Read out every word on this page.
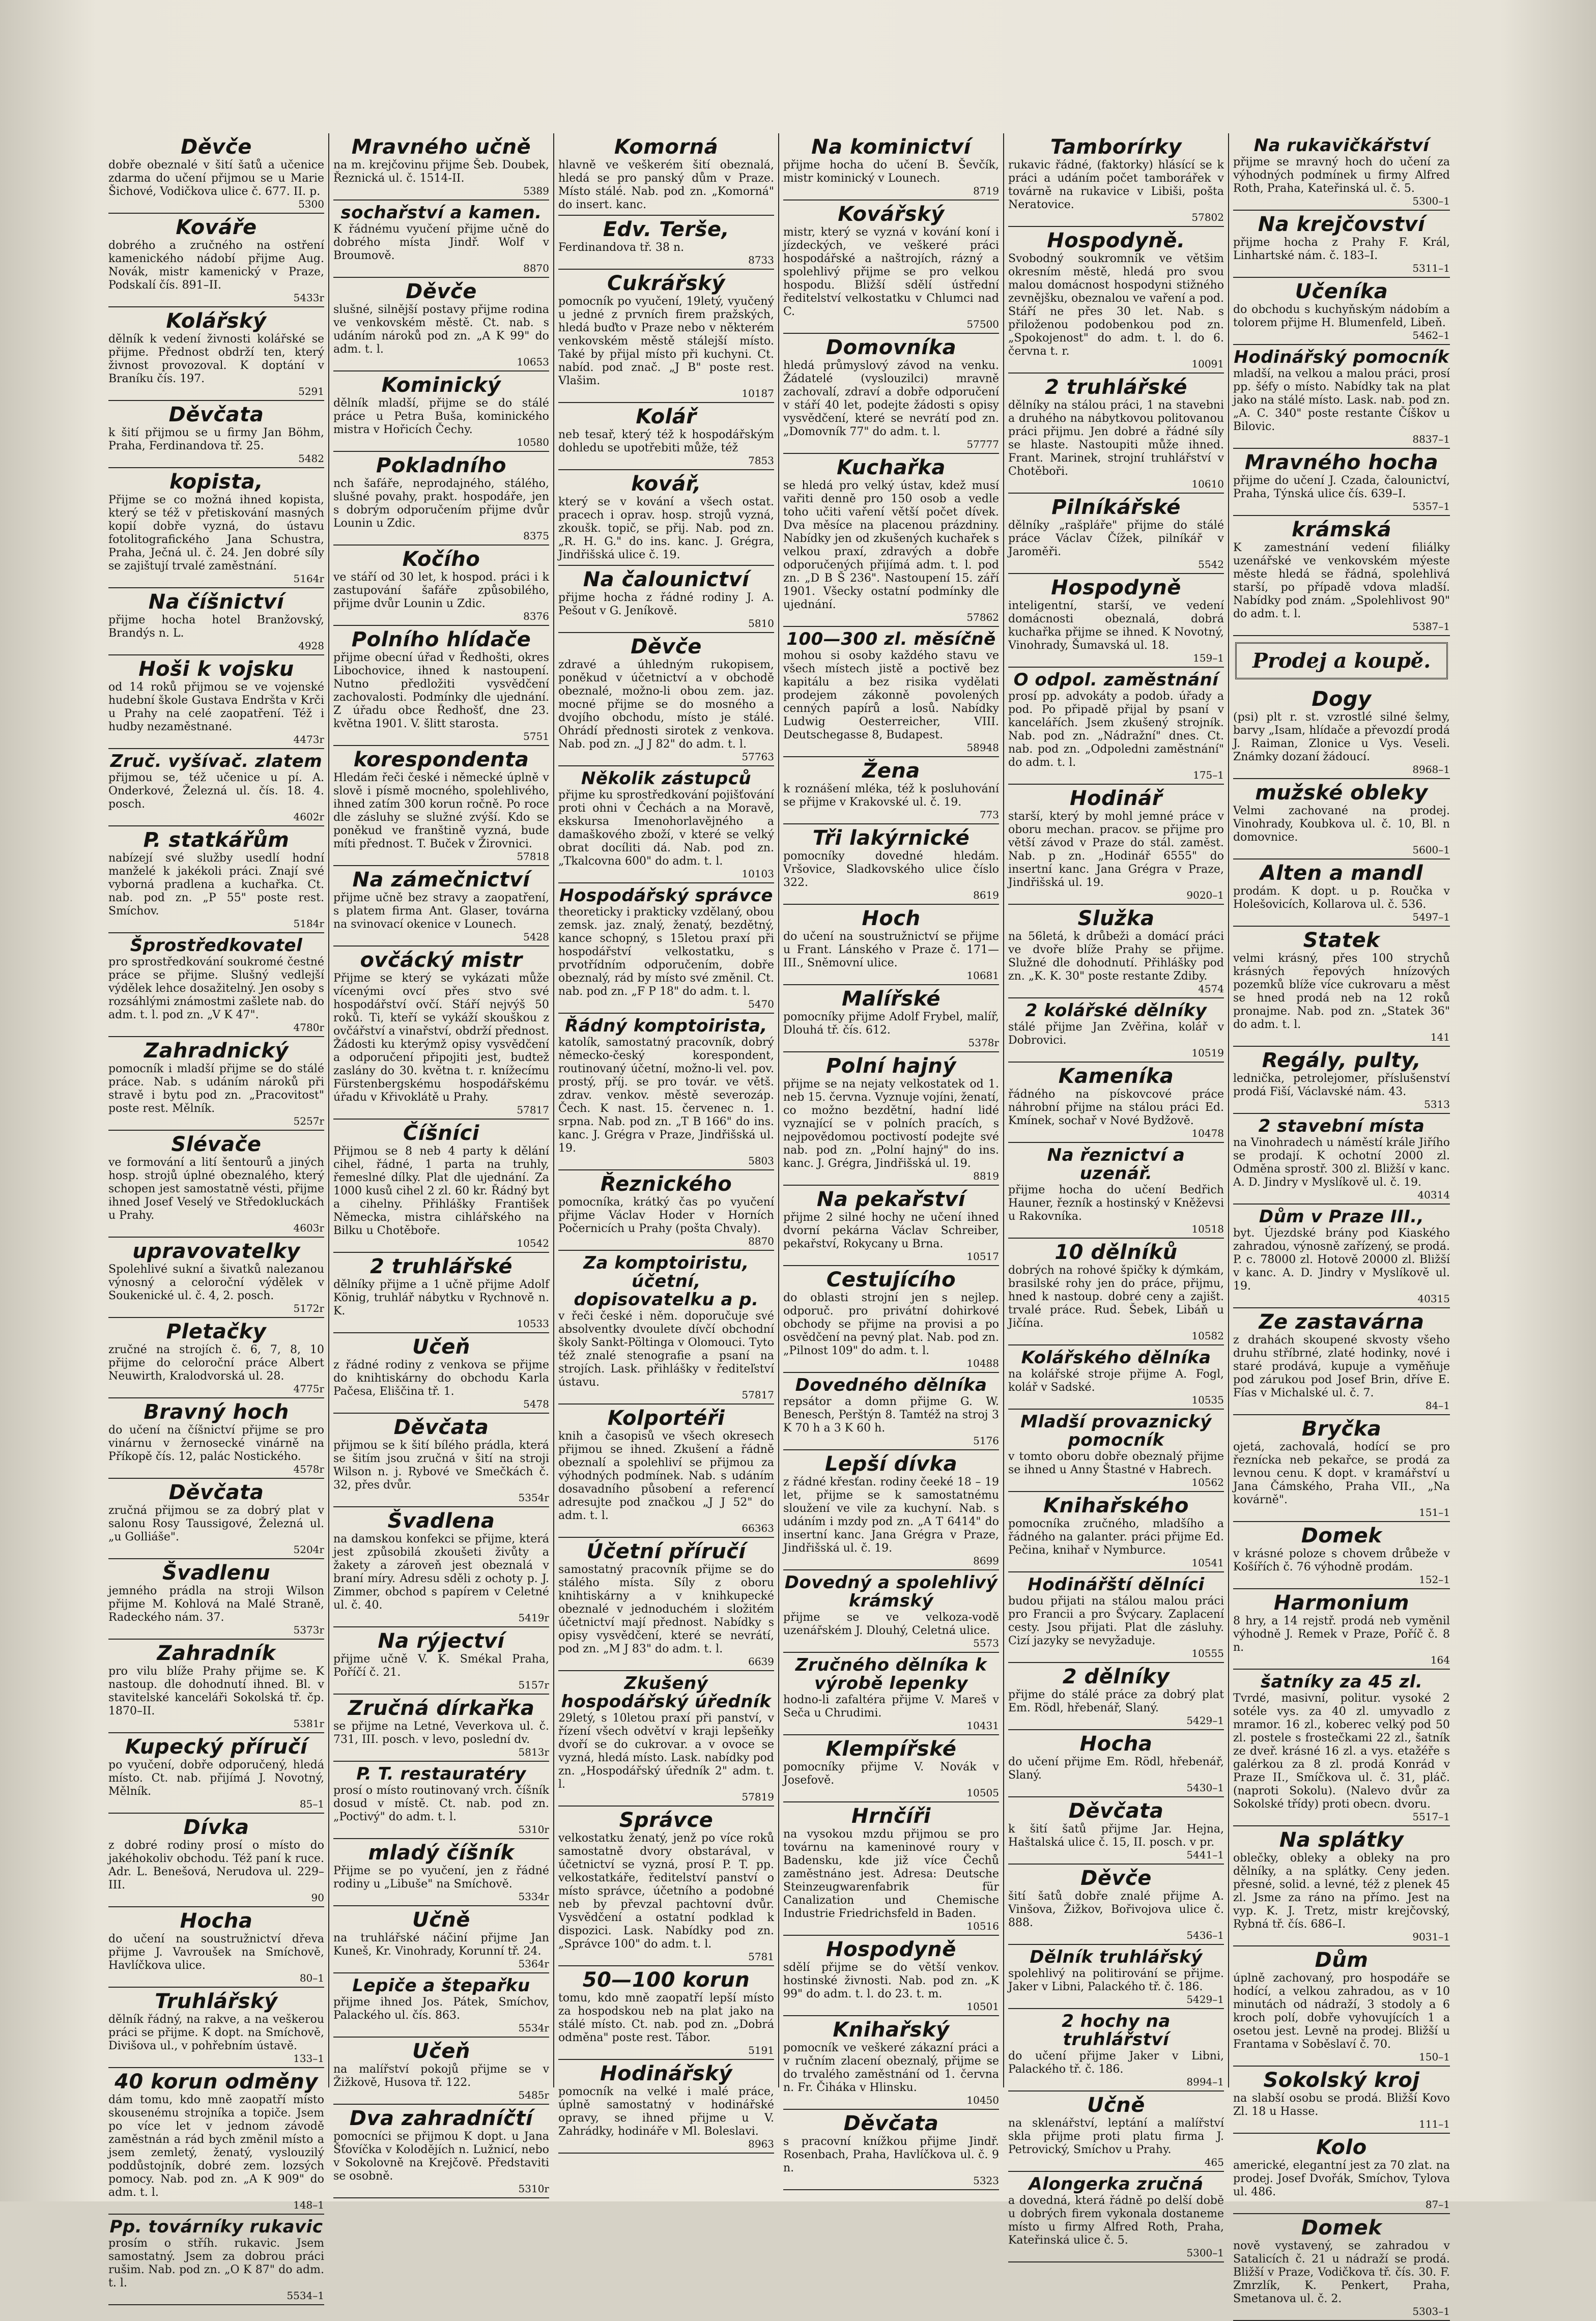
Děvče

dobře obeznalé v šití šatů a učenice zdarma do učení přijmou se u Marie Šichové, Vodičkova ulice č. 677. II. p.

5300
Kováře

dobrého a zručného na ostření kamenického nádobí přijme Aug. Novák, mistr kamenický v Praze, Podskalí čís. 891–II.

5433r
Kolářský

dělník k vedení živnosti kolářské se přijme. Přednost obdrží ten, který živnost provozoval. K doptání v Braníku čís. 197.

5291
Děvčata

k šití přijmou se u firmy Jan Böhm, Praha, Ferdinandova tř. 25.

5482
kopista,

Přijme se co možná ihned kopista, který se též v přetiskování masných kopií dobře vyzná, do ústavu fotolitografického Jana Schustra, Praha, Ječná ul. č. 24. Jen dobré síly se zajištují trvalé zaměstnání.

5164r
Na číšnictví

přijme hocha hotel Branžovský, Brandýs n. L.

4928
Hoši k vojsku

od 14 roků přijmou se ve vojenské hudební škole Gustava Endršta v Krči u Prahy na celé zaopatření. Též i hudby nezaměstnané.

4473r
Zruč. vyšívač. zlatem

přijmou se, též učenice u pí. A. Onderkové, Železná ul. čís. 18. 4. posch.

4602r
P. statkářům

nabízejí své služby usedlí hodní manželé k jakékoli práci. Znají své vyborná pradlena a kuchařka. Ct. nab. pod zn. „P 55" poste rest. Smíchov.

5184r
Šprostředkovatel

pro sprostředkování soukromé čestné práce se přijme. Slušný vedlejší výdělek lehce dosažitelný. Jen osoby s rozsáhlými známostmi zašlete nab. do adm. t. l. pod zn. „V K 47".

4780r
Zahradnický

pomocník i mladší přijme se do stálé práce. Nab. s udáním nároků při stravě i bytu pod zn. „Pracovitost" poste rest. Mělník.

5257r
Slévače

ve formování a lití šentourů a jiných hosp. strojů úplné obeznalého, který schopen jest samostatně vésti, přijme ihned Josef Veselý ve Středokluckách u Prahy.

4603r
upravovatelky

Spolehlivé sukní a šivatků nalezanou výnosný a celoroční výdělek v Soukenické ul. č. 4, 2. posch.

5172r
Pletačky

zručné na strojích č. 6, 7, 8, 10 přijme do celoroční práce Albert Neuwirth, Kralodvorská ul. 28.

4775r
Bravný hoch

do učení na číšnictví přijme se pro vinárnu v žernosecké vinárně na Příkopě čís. 12, palác Nostického.

4578r
Děvčata

zručná přijmou se za dobrý plat v salonu Rosy Taussigové, Železná ul. „u Golliáše".

5204r
Švadlenu

jemného prádla na stroji Wilson přijme M. Kohlová na Malé Straně, Radeckého nám. 37.

5373r
Zahradník

pro vilu blíže Prahy přijme se. K nastoup. dle dohodnutí ihned. Bl. v stavitelské kanceláři Sokolská tř. čp. 1870–II.

5381r
Kupecký příručí

po vyučení, dobře odporučený, hledá místo. Ct. nab. přijímá J. Novotný, Mělník.

85–1
Dívka

z dobré rodiny prosí o místo do jakéhokoliv obchodu. Též paní k ruce. Adr. L. Benešová, Nerudova ul. 229–III.

90
Hocha

do učení na soustružnictví dřeva přijme J. Vavroušek na Smíchově, Havlíčkova ulice.

80–1
Truhlářský

dělník řádný, na rakve, a na veškerou práci se přijme. K dopt. na Smíchově, Divišova ul., v pohřebním ústavě.

133–1
40 korun odměny

dám tomu, kdo mně zaopatří místo skousenému strojníka a topiče. Jsem po více let v jednom závodě zaměstnán a rád bych změnil místo a jsem zemletý, ženatý, vyslouzilý poddůstojník, dobré zem. lozsých pomocy. Nab. pod zn. „A K 909" do adm. t. l.

148–1
Pp. továrníky rukavic

prosím o stříh. rukavic. Jsem samostatný. Jsem za dobrou práci rušim. Nab. pod zn. „O K 87" do adm. t. l.

5534–1
Mravného učně

na m. krejčovinu přijme Šeb. Doubek, Řeznická ul. č. 1514-II.

5389
sochařství a kamen.

K řádnému vyučení přijme učně do dobrého místa Jindř. Wolf v Broumově.

8870
Děvče

slušné, silnější postavy přijme rodina ve venkovském městě. Ct. nab. s udáním nároků pod zn. „A K 99" do adm. t. l.

10653
Kominický

dělník mladší, přijme se do stálé práce u Petra Buša, kominického mistra v Hořicích Čechy.

10580
Pokladního

nch šafáře, neprodajného, stálého, slušné povahy, prakt. hospodáře, jen s dobrým odporučením přijme dvůr Lounin u Zdic.

8375
Kočího

ve stáří od 30 let, k hospod. práci i k zastupování šafáře způsobilého, přijme dvůr Lounin u Zdic.

8376
Polního hlídače

přijme obecní úřad v Ředhošti, okres Libochovice, ihned k nastoupení. Nutno předložiti vysvědčení zachovalosti. Podmínky dle ujednání. Z úřadu obce Ředhošť, dne 23. května 1901. V. šlitt starosta.

5751
korespondenta

Hledám řeči české i německé úplně v slově i písmě mocného, spolehlivého, ihned zatím 300 korun ročně. Po roce dle zásluhy se služné zvýší. Kdo se poněkud ve franštině vyzná, bude míti přednost. T. Buček v Žirovnici.

57818
Na zámečnictví

přijme učně bez stravy a zaopatření, s platem firma Ant. Glaser, továrna na svinovací okenice v Lounech.

5428
ovčácký mistr

Přijme se který se vykázati může vícenými ovcí přes stvo své hospodářství ovčí. Stáří nejvýš 50 roků. Ti, kteří se vykáží skouškou z ovčářství a vinařství, obdrží přednost. Žádosti ku kterýmž opisy vysvědčení a odporučení připojiti jest, budtež zaslány do 30. května t. r. knížecímu Fürstenbergskému hospodářskému úřadu v Křivoklátě u Prahy.

57817
Číšníci

Přijmou se 8 neb 4 party k dělání cihel, řádné, 1 parta na truhly, řemeslné dílky. Plat dle ujednání. Za 1000 kusů cihel 2 zl. 60 kr. Řádný byt a cihelny. Přihlášky František Německa, mistra cihlářského na Bilku u Chotěboře.

10542
2 truhlářské

dělníky přijme a 1 učně přijme Adolf König, truhlář nábytku v Rychnově n. K.

10533
Učeň

z řádné rodiny z venkova se přijme do knihtiskárny do obchodu Karla Pačesa, Eliščina tř. 1.

5478
Děvčata

přijmou se k šití bílého prádla, která se šitím jsou zručná v šití na stroji Wilson n. j. Rybové ve Smečkách č. 32, přes dvůr.

5354r
Švadlena

na damskou konfekci se přijme, která jest způsobilá zkoušeti živůty a žakety a zároveň jest obeznalá v braní míry. Adresu sděli z ochoty p. J. Zimmer, obchod s papírem v Celetné ul. č. 40.

5419r
Na rýjectví

přijme učně V. K. Smékal Praha, Poříčí č. 21.

5157r
Zručná dírkařka

se přijme na Letné, Veverkova ul. č. 731, III. posch. v levo, poslední dv.

5813r
P. T. restauratéry

prosí o místo routinovaný vrch. číšník dosud v místě. Ct. nab. pod zn. „Poctivý" do adm. t. l.

5310r
mladý číšník

Přijme se po vyučení, jen z řádné rodiny u „Libuše" na Smíchově.

5334r
Učně

na truhlářské náčiní přijme Jan Kuneš, Kr. Vinohrady, Korunní tř. 24.

5364r
Lepiče a štepařku

přijme ihned Jos. Pátek, Smíchov, Palackého ul. čís. 863.

5534r
Učeň

na malířství pokojů přijme se v Žižkově, Husova tř. 122.

5485r
Dva zahradníčtí

pomocníci se přijmou K dopt. u Jana Šťovíčka v Kolodějích n. Lužnicí, nebo v Sokolovně na Krejčově. Představiti se osobně.

5310r
Komorná

hlavně ve veškerém šití obeznalá, hledá se pro panský dům v Praze. Místo stálé. Nab. pod zn. „Komorná" do insert. kanc.

Edv. Terše,

Ferdinandova tř. 38 n.

8733
Cukrářský

pomocník po vyučení, 19letý, vyučený u jedné z prvních firem pražských, hledá buďto v Praze nebo v některém venkovském městě stálejší místo. Také by přijal místo při kuchyni. Ct. nabíd. pod znač. „J B" poste rest. Vlašim.

10187
Kolář

neb tesař, který též k hospodářským dohledu se upotřebiti může, též

7853
kovář,

který se v kování a všech ostat. pracech i oprav. hosp. strojů vyzná, zkoušk. topič, se přij. Nab. pod zn. „R. H. G." do ins. kanc. J. Grégra, Jindřišská ulice č. 19.

Na čalounictví

přijme hocha z řádné rodiny J. A. Pešout v G. Jeníkově.

5810
Děvče

zdravé a úhledným rukopisem, poněkud v účetnictví a v obchodě obeznalé, možno-li obou zem. jaz. mocné přijme se do mosného a dvojího obchodu, místo je stálé. Ohrádí přednosti sirotek z venkova. Nab. pod zn. „J J 82" do adm. t. l.

57763
Několik zástupců

přijme ku sprostředkování pojišťování proti ohni v Čechách a na Moravě, ekskursa Imenohorlavějného a damaškového zboží, v které se velký obrat docíliti dá. Nab. pod zn. „Tkalcovna 600" do adm. t. l.

10103
Hospodářský správce

theoreticky i prakticky vzdělaný, obou zemsk. jaz. znalý, ženatý, bezdětný, kance schopný, s 15letou praxí při hospodářství velkostatku, s prvotřídním odporučením, dobře obeznalý, rád by místo své změnil. Ct. nab. pod zn. „F P 18" do adm. t. l.

5470
Řádný komptoirista,

katolík, samostatný pracovník, dobrý německo-český korespondent, routinovaný účetní, možno-li vel. pov. prostý, příj. se pro továr. ve větš. zdrav. venkov. městě severozáp. Čech. K nast. 15. červenec n. 1. srpna. Nab. pod zn. „T B 166" do ins. kanc. J. Grégra v Praze, Jindřišská ul. 19.

5803
Řeznického

pomocníka, krátký čas po vyučení přijme Václav Hoder v Horních Počernicích u Prahy (pošta Chvaly).

8870
Za komptoiristu, účetní, dopisovatelku a p.

v řeči české i něm. doporučuje své absolventky dvoulete dívčí obchodní školy Sankt-Pöltinga v Olomouci. Tyto též znalé stenografie a psaní na strojích. Lask. přihlášky v řediteľství ústavu.

57817
Kolportéři

knih a časopisů ve všech okresech přijmou se ihned. Zkušení a řádně obeznalí a spolehliví se přijmou za výhodných podmínek. Nab. s udáním dosavadního působení a referencí adresujte pod značkou „J J 52" do adm. t. l.

66363
Účetní příručí

samostatný pracovník přijme se do stálého místa. Síly z oboru knihtiskárny a v knihkupecké obeznalé v jednoduchém i složitém účetnictví mají přednost. Nabídky s opisy vysvědčení, které se nevrátí, pod zn. „M J 83" do adm. t. l.

6639
Zkušený hospodářský úředník

29letý, s 10letou praxí při panství, v řízení všech odvětví v kraji lepšeňky dvoří se do cukrovar. a v ovoce se vyzná, hledá místo. Lask. nabídky pod zn. „Hospodářský úředník 2" adm. t. l.

57819
Správce

velkostatku ženatý, jenž po více roků samostatně dvory obstarával, v účetnictví se vyzná, prosí P. T. pp. velkostatkáře, ředitelství panství o místo správce, účetního a podobné neb by převzal pachtovní dvůr. Vysvědčení a ostatní podklad k dispozici. Lask. Nabídky pod zn. „Správce 100" do adm. t. l.

5781
50—100 korun

tomu, kdo mně zaopatří lepší místo za hospodskou neb na plat jako na stálé místo. Ct. nab. pod zn. „Dobrá odměna" poste rest. Tábor.

5191
Hodinářský

pomocník na velké i malé práce, úplně samostatný v hodinářské opravy, se ihned přijme u V. Zahrádky, hodináře v Ml. Boleslavi.

8963
Na kominictví

přijme hocha do učení B. Ševčík, mistr kominický v Lounech.

8719
Kovářský

mistr, který se vyzná v kování koní i jízdeckých, ve veškeré práci hospodářské a naštrojích, rázný a spolehlivý přijme se pro velkou hospodu. Bližší sdělí ústřední ředitelství velkostatku v Chlumci nad C.

57500
Domovníka

hledá průmyslový závod na venku. Žádatelé (vyslouzilci) mravně zachovalí, zdraví a dobře odporučení v stáří 40 let, podejte žádosti s opisy vysvědčení, které se nevrátí pod zn. „Domovník 77" do adm. t. l.

57777
Kuchařka

se hledá pro velký ústav, kdež musí vařiti denně pro 150 osob a vedle toho učiti vaření větší počet dívek. Dva měsíce na placenou prázdniny. Nabídky jen od zkušených kuchařek s velkou praxí, zdravých a dobře odporučených přijímá adm. t. l. pod zn. „D B Š 236". Nastoupení 15. září 1901. Všecky ostatní podmínky dle ujednání.

57862
100—300 zl. měsíčně

mohou si osoby každého stavu ve všech místech jistě a poctivě bez kapitálu a bez risika vydělati prodejem zákonně povolených cenných papírů a losů. Nabídky Ludwig Oesterreicher, VIII. Deutschegasse 8, Budapest.

58948
Žena

k roznášení mléka, též k posluhování se přijme v Krakovské ul. č. 19.

773
Tři lakýrnické

pomocníky dovedné hledám. Vršovice, Sladkovského ulice číslo 322.

8619
Hoch

do učení na soustružnictví se přijme u Frant. Lánského v Praze č. 171—III., Sněmovní ulice.

10681
Malířské

pomocníky přijme Adolf Frybel, malíř, Dlouhá tř. čís. 612.

5378r
Polní hajný

přijme se na nejaty velkostatek od 1. neb 15. června. Vyznuje vojíni, ženatí, co možno bezdětní, hadní lidé vyznající se v polních pracích, s nejpovědomou poctivostí podejte své nab. pod zn. „Polní hajný" do ins. kanc. J. Grégra, Jindřišská ul. 19.

8819
Na pekařství

přijme 2 silné hochy ne učení ihned dvorní pekárna Václav Schreiber, pekařství, Rokycany u Brna.

10517
Cestujícího

do oblasti strojní jen s nejlep. odporuč. pro privátní dohirkové obchody se přijme na provisi a po osvědčení na pevný plat. Nab. pod zn. „Pilnost 109" do adm. t. l.

10488
Dovedného dělníka

repsátor a domn přijme G. W. Benesch, Perštýn 8. Tamtéž na stroj 3 K 70 h a 3 K 60 h.

5176
Lepší dívka

z řádné křesťan. rodiny čeeké 18 – 19 let, přijme se k samostatnému sloužení ve vile za kuchyní. Nab. s udáním i mzdy pod zn. „A T 6414" do insertní kanc. Jana Grégra v Praze, Jindřišská ul. č. 19.

8699
Dovedný a spolehlivý krámský

přijme se ve velkoza-vodě uzenářském J. Dlouhý, Celetná ulice.

5573
Zručného dělníka k výrobě lepenky

hodno-li zafaltéra přijme V. Mareš v Seča u Chrudimi.

10431
Klempířské

pomocníky přijme V. Novák v Josefově.

10505
Hrnčíři

na vysokou mzdu přijmou se pro továrnu na kameninové roury v Badensku, kde již více Čechů zaměstnáno jest. Adresa: Deutsche Steinzeugwarenfabrik für Canalization und Chemische Industrie Friedrichsfeld in Baden.

10516
Hospodyně

sdělí přijme se do větší venkov. hostinské živnosti. Nab. pod zn. „K 99" do adm. t. l. do 23. t. m.

10501
Knihařský

pomocník ve veškeré zákazní práci a v ručním zlacení obeznalý, přijme se do trvalého zaměstnání od 1. června n. Fr. Čiháka v Hlinsku.

10450
Děvčata

s pracovní knížkou přijme Jindř. Rosenbach, Praha, Havlíčkova ul. č. 9 n.

5323
Tamborírky

rukavic řádné, (faktorky) hlásící se k práci a udáním počet tamborářek v továrně na rukavice v Libiši, pošta Neratovice.

57802
Hospodyně.

Svobodný soukromník ve většim okresním městě, hledá pro svou malou domácnost hospodyni stižného zevnějšku, obeznalou ve vaření a pod. Stáří ne přes 30 let. Nab. s přiloženou podobenkou pod zn. „Spokojenost" do adm. t. l. do 6. června t. r.

10091
2 truhlářské

dělníky na stálou práci, 1 na stavebni a druhého na nábytkovou politovanou práci přijmu. Jen dobré a řádné síly se hlaste. Nastoupiti může ihned. Frant. Marinek, strojní truhlářství v Chotěboři.

10610
Pilníkářské

dělníky „rašpláře" přijme do stálé práce Václav Čížek, pilníkář v Jaroměři.

5542
Hospodyně

inteligentní, starší, ve vedení domácnosti obeznalá, dobrá kuchařka přijme se ihned. K Novotný, Vinohrady, Šumavská ul. 18.

159–1
O odpol. zaměstnání

prosí pp. advokáty a podob. úřady a pod. Po připadě přijal by psaní v kancelářích. Jsem zkušený strojník. Nab. pod zn. „Nádražní" dnes. Ct. nab. pod zn. „Odpoledni zaměstnání" do adm. t. l.

175–1
Hodinář

starší, který by mohl jemné práce v oboru mechan. pracov. se přijme pro větší závod v Praze do stál. zaměst. Nab. p zn. „Hodinář 6555" do insertní kanc. Jana Grégra v Praze, Jindřišská ul. 19.

9020–1
Služka

na 56letá, k drůbeži a domácí práci ve dvoře blíže Prahy se přijme. Služné dle dohodnutí. Přihlášky pod zn. „K. K. 30" poste restante Zdiby.

4574
2 kolářské dělníky

stálé přijme Jan Zvěřina, kolář v Dobrovici.

10519
Kameníka

řádného na pískovcové práce náhrobní přijme na stálou práci Ed. Kmínek, sochař v Nové Bydžově.

10478
Na řeznictví a uzenář.

přijme hocha do učení Bedřich Hauner, řezník a hostinský v Kněževsi u Rakovníka.

10518
10 dělníků

dobrých na rohové špičky k dýmkám, brasilské rohy jen do práce, přijmu, hned k nastoup. dobré ceny a zajišt. trvalé práce. Rud. Šebek, Libáň u Jičína.

10582
Kolářského dělníka

na kolářské stroje přijme A. Fogl, kolář v Sadské.

10535
Mladší provaznický pomocník

v tomto oboru dobře obeznalý přijme se ihned u Anny Štastné v Habrech.

10562
Knihařského

pomocníka zručného, mladšího a řádného na galanter. práci přijme Ed. Pečina, knihař v Nymburce.

10541
Hodinářští dělníci

budou přijati na stálou malou práci pro Francii a pro Švýcary. Zaplacení cesty. Jsou přijati. Plat dle zásluhy. Cizí jazyky se nevyžaduje.

10555
2 dělníky

přijme do stálé práce za dobrý plat Em. Rödl, hřebenář, Slaný.

5429–1
Hocha

do učení přijme Em. Rödl, hřebenář, Slaný.

5430–1
Děvčata

k šití šatů přijme Jar. Hejna, Haštalská ulice č. 15, II. posch. v pr.

5441–1
Děvče

šití šatů dobře znalé přijme A. Vinšova, Žižkov, Bořivojova ulice č. 888.

5436–1
Dělník truhlářský

spolehlivý na politirování se přijme. Jaker v Libni, Palackého tř. č. 186.

5429–1
2 hochy na truhlářství

do učení přijme Jaker v Libni, Palackého tř. č. 186.

8994–1
Učně

na sklenářství, leptání a malířství skla přijme proti platu firma J. Petrovický, Smíchov u Prahy.

465
Alongerka zručná

a dovedná, která řádně po delší době u dobrých firem vykonala dostaneme místo u firmy Alfred Roth, Praha, Kateřinská ulice č. 5.

5300–1
Na rukavičkářství

přijme se mravný hoch do učení za výhodných podmínek u firmy Alfred Roth, Praha, Kateřinská ul. č. 5.

5300–1
Na krejčovství

přijme hocha z Prahy F. Král, Linhartské nám. č. 183–I.

5311–1
Učeníka

do obchodu s kuchyňským nádobím a tolorem přijme H. Blumenfeld, Libeň.

5462–1
Hodinářský pomocník

mladší, na velkou a malou práci, prosí pp. šéfy o místo. Nabídky tak na plat jako na stálé místo. Lask. nab. pod zn. „A. C. 340" poste restante Číškov u Bilovic.

8837–1
Mravného hocha

přijme do učení J. Czada, čalounictví, Praha, Týnská ulice čís. 639–I.

5357–1
krámská

K zamestnání vedení filiálky uzenářské ve venkovském mýeste měste hledá se řádná, spolehlivá starší, po případě vdova mladší. Nabídky pod znám. „Spolehlivost 90" do adm. t. l.

5387–1
Prodej a koupě.
Dogy

(psi) plt r. st. vzrostlé silné šelmy, barvy „Isam, hlídače a převozdí prodá J. Raiman, Zlonice u Vys. Veseli. Známky dozaní žádoucí.

8968–1
mužské obleky

Velmi zachované na prodej. Vinohrady, Koubkova ul. č. 10, Bl. n domovnice.

5600–1
Alten a mandl

prodám. K dopt. u p. Roučka v Holešovicích, Kollarova ul. č. 536.

5497–1
Statek

velmi krásný, přes 100 strychů krásných řepových hnízových pozemků blíže více cukrovaru a měst se hned prodá neb na 12 roků pronajme. Nab. pod zn. „Statek 36" do adm. t. l.

141
Regály, pulty,

lednička, petrolejomer, příslušenství prodá Fiší, Václavské nám. 43.

5313
2 stavební místa

na Vinohradech u náměstí krále Jiřího se prodají. K ochotní 2000 zl. Odměna sprostř. 300 zl. Bližší v kanc. A. D. Jindry v Myslíkově ul. č. 19.

40314
Dům v Praze III.,

byt. Újezdské brány pod Kiaského zahradou, výnosně zařízený, se prodá. P. c. 78000 zl. Hotově 20000 zl. Bližší v kanc. A. D. Jindry v Myslíkově ul. 19.

40315
Ze zastavárna

z drahách skoupené skvosty všeho druhu stříbrné, zlaté hodinky, nové i staré prodává, kupuje a vyměňuje pod zárukou pod Josef Brin, dříve E. Fías v Michalské ul. č. 7.

84–1
Bryčka

ojetá, zachovalá, hodící se pro řeznícka neb pekařce, se prodá za levnou cenu. K dopt. v kramářství u Jana Čámského, Praha VII., „Na kovárně".

151–1
Domek

v krásné poloze s chovem drůbeže v Košířích č. 76 výhodně prodám.

152–1
Harmonium

8 hry, a 14 rejstř. prodá neb vyměnil výhodně J. Remek v Praze, Poříč č. 8 n.

164
šatníky za 45 zl.

Tvrdé, masivní, politur. vysoké 2 sotéle vys. za 40 zl. umyvadlo z mramor. 16 zl., koberec velký pod 50 zl. postele s frostečkami 22 zl., šatník ze dveř. krásné 16 zl. a vys. etažéře s galérkou za 8 zl. prodá Konrád v Praze II., Smíčkova ul. č. 31, pláč. (naproti Sokolu). (Nalevo dvůr za Sokolské třídy) proti obecn. dvoru.

5517–1
Na splátky

oblečky, obleky a obleky na pro dělníky, a na splátky. Ceny jeden. přesné, solid. a levné, též z plenek 45 zl. Jsme za ráno na přímo. Jest na vyp. K. J. Tretz, mistr krejčovský, Rybná tř. čís. 686–I.

9031–1
Dům

úplně zachovaný, pro hospodáře se hodící, a velkou zahradou, as v 10 minutách od nádraží, 3 stodoly a 6 kroch polí, dobře vyhovujících 1 a osetou jest. Levně na prodej. Bližší u Frantama v Soběslaví č. 70.

150–1
Sokolský kroj

na slabší osobu se prodá. Bližší Kovo Zl. 18 u Hasse.

111–1
Kolo

americké, elegantní jest za 70 zlat. na prodej. Josef Dvořák, Smíchov, Tylova ul. 486.

87–1
Domek

nově vystavený, se zahradou v Satalicích č. 21 u nádraží se prodá. Bližší v Praze, Vodičkova tř. čís. 30. F. Zmrzlík, K. Penkert, Praha, Smetanova ul. č. 2.

5303–1
